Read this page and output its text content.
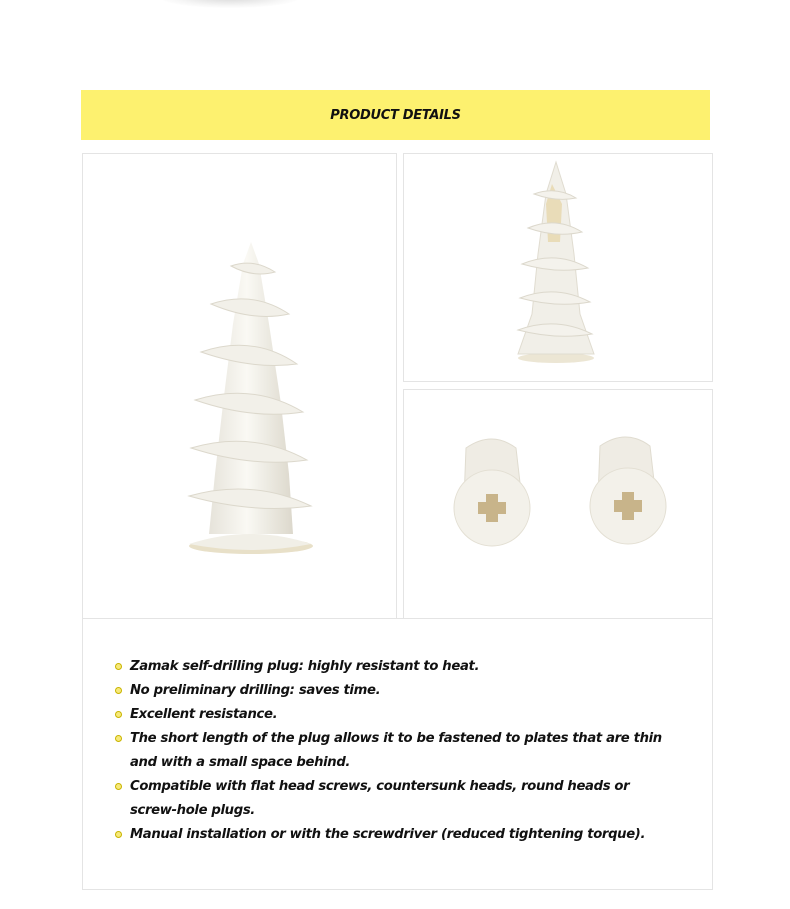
PRODUCT DETAILS
Zamak self-drilling plug: highly resistant to heat.
No preliminary drilling: saves time.
Excellent resistance.
The short length of the plug allows it to be fastened to plates that are thin and with a small space behind.
Compatible with flat head screws, countersunk heads, round heads or screw-hole plugs.
Manual installation or with the screwdriver (reduced tightening torque).
